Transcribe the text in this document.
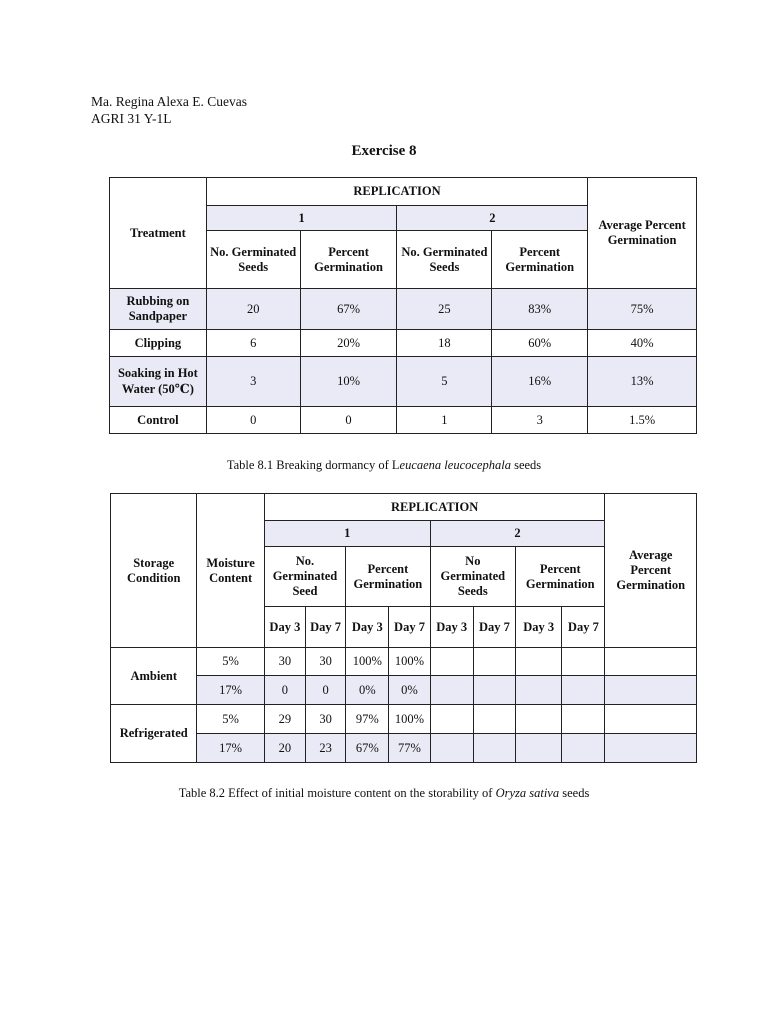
Ma. Regina Alexa E. Cuevas
AGRI 31 Y-1L
Exercise 8
Treatment	REPLICATION				Average Percent Germination
	1		2		
	No. Germinated Seeds	Percent Germination	No. Germinated Seeds	Percent Germination	
Rubbing on Sandpaper	20	67%	25	83%	75%
Clipping	6	20%	18	60%	40%
Soaking in Hot Water (50℃)	3	10%	5	16%	13%
Control	0	0	1	3	1.5%
Table 8.1 Breaking dormancy of Leucaena leucocephala seeds
Storage Condition	Moisture Content	REPLICATION								Average Percent Germination
		1				2				
		No. Germinated Seed		Percent Germination		No Germinated Seeds		Percent Germination		
		Day 3	Day 7	Day 3	Day 7	Day 3	Day 7	Day 3	Day 7	
Ambient	5%	30	30	100%	100%					
	17%	0	0	0%	0%					
Refrigerated	5%	29	30	97%	100%					
	17%	20	23	67%	77%					
Table 8.2 Effect of initial moisture content on the storability of Oryza sativa seeds
